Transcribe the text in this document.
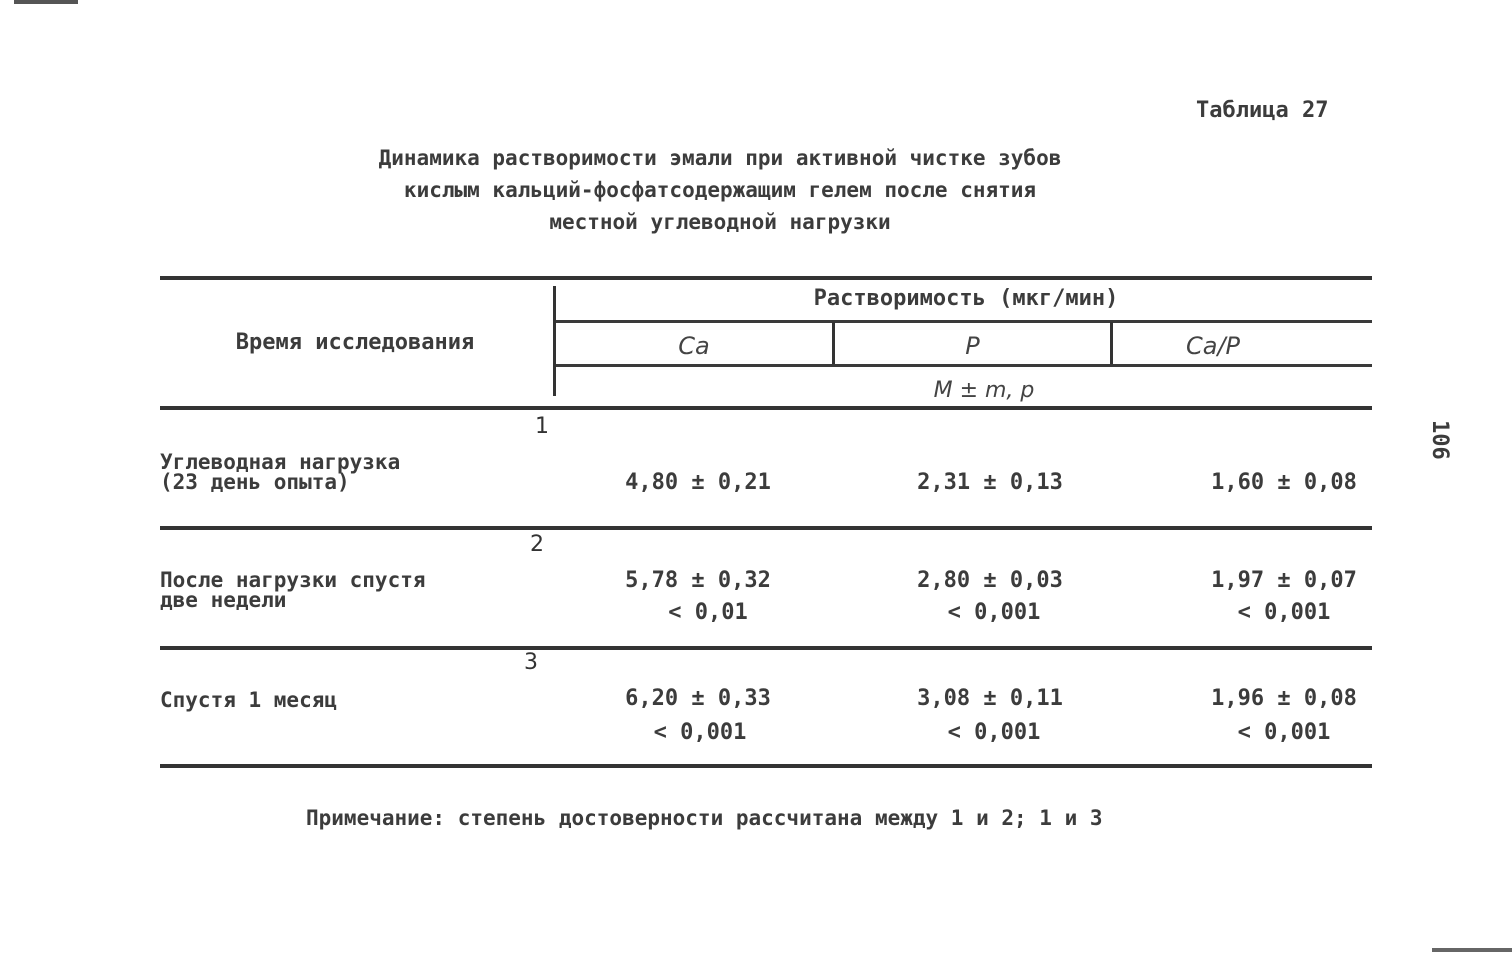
Таблица 27
106
Динамика растворимости эмали при активной чистке зубов
кислым кальций-фосфатсодержащим гелем после снятия
местной углеводной нагрузки
Время исследования
Растворимость (мкг/мин)
Ca	P	Ca/P
М ± m, р
1
Углеводная нагрузка
(23 день опыта)	4,80 ± 0,21	2,31 ± 0,13	1,60 ± 0,08
2
После нагрузки спустя
две недели
5,78 ± 0,32	2,80 ± 0,03	1,97 ± 0,07
< 0,01	< 0,001	< 0,001
3
Спустя 1 месяц	6,20 ± 0,33	3,08 ± 0,11	1,96 ± 0,08
< 0,001	< 0,001	< 0,001
Примечание: степень достоверности рассчитана между 1 и 2; 1 и 3
